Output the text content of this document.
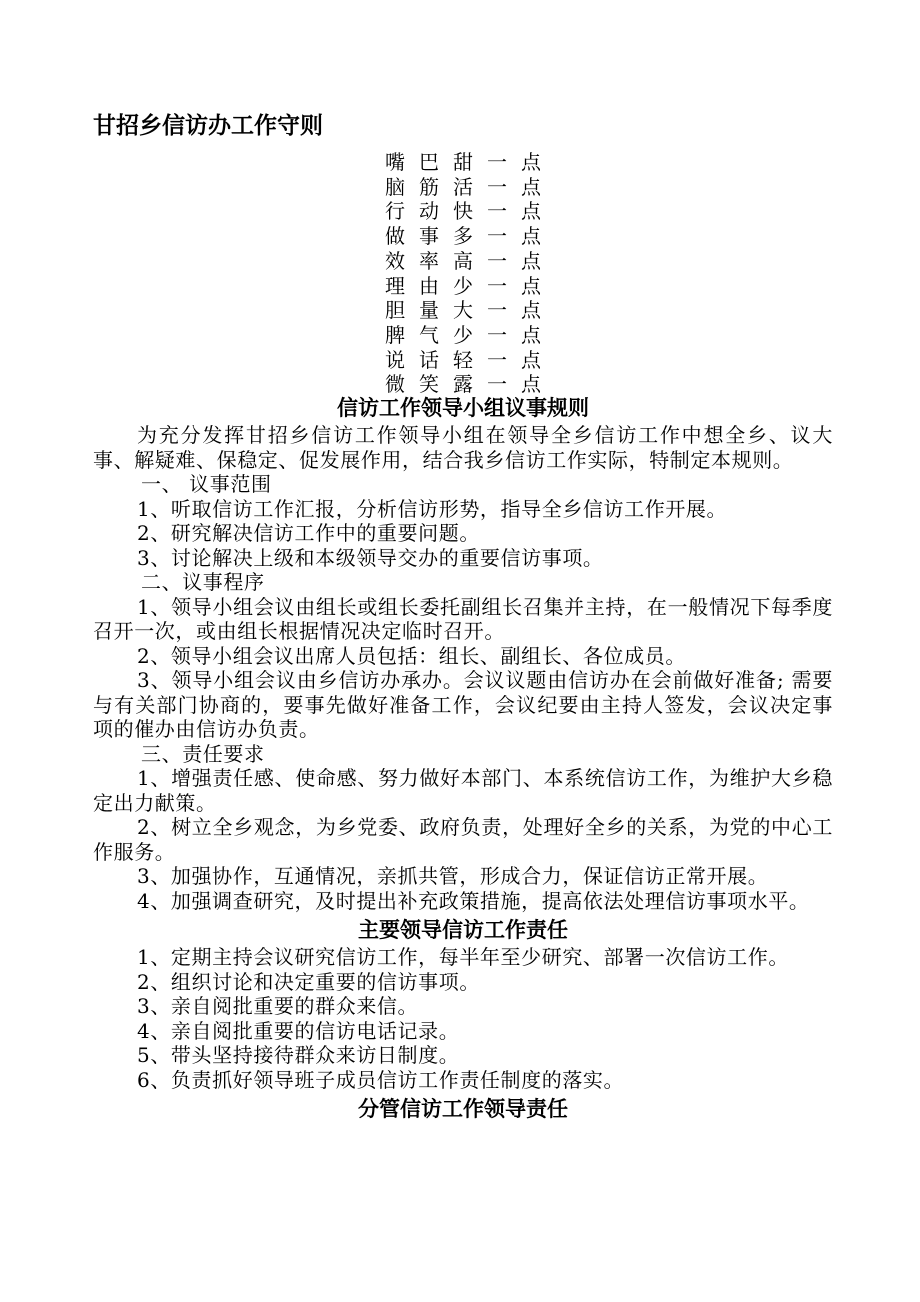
甘招乡信访办工作守则
嘴巴甜一点
脑筋活一点
行动快一点
做事多一点
效率高一点
理由少一点
胆量大一点
脾气少一点
说话轻一点
微笑露一点
信访工作领导小组议事规则

为充分发挥甘招乡信访工作领导小组在领导全乡信访工作中想全乡、议大事、解疑难、保稳定、促发展作用，结合我乡信访工作实际，特制定本规则。

一、 议事范围

1、听取信访工作汇报，分析信访形势，指导全乡信访工作开展。

2、研究解决信访工作中的重要问题。

3、讨论解决上级和本级领导交办的重要信访事项。

二、议事程序

1、领导小组会议由组长或组长委托副组长召集并主持，在一般情况下每季度召开一次，或由组长根据情况决定临时召开。

2、领导小组会议出席人员包括：组长、副组长、各位成员。

3、领导小组会议由乡信访办承办。会议议题由信访办在会前做好准备; 需要与有关部门协商的，要事先做好准备工作，会议纪要由主持人签发，会议决定事项的催办由信访办负责。

三、责任要求

1、增强责任感、使命感、努力做好本部门、本系统信访工作，为维护大乡稳定出力献策。

2、树立全乡观念，为乡党委、政府负责，处理好全乡的关系，为党的中心工作服务。

3、加强协作，互通情况，亲抓共管，形成合力，保证信访正常开展。

4、加强调查研究，及时提出补充政策措施，提高依法处理信访事项水平。

主要领导信访工作责任

1、定期主持会议研究信访工作，每半年至少研究、部署一次信访工作。

2、组织讨论和决定重要的信访事项。

3、亲自阅批重要的群众来信。

4、亲自阅批重要的信访电话记录。

5、带头坚持接待群众来访日制度。

6、负责抓好领导班子成员信访工作责任制度的落实。

分管信访工作领导责任
